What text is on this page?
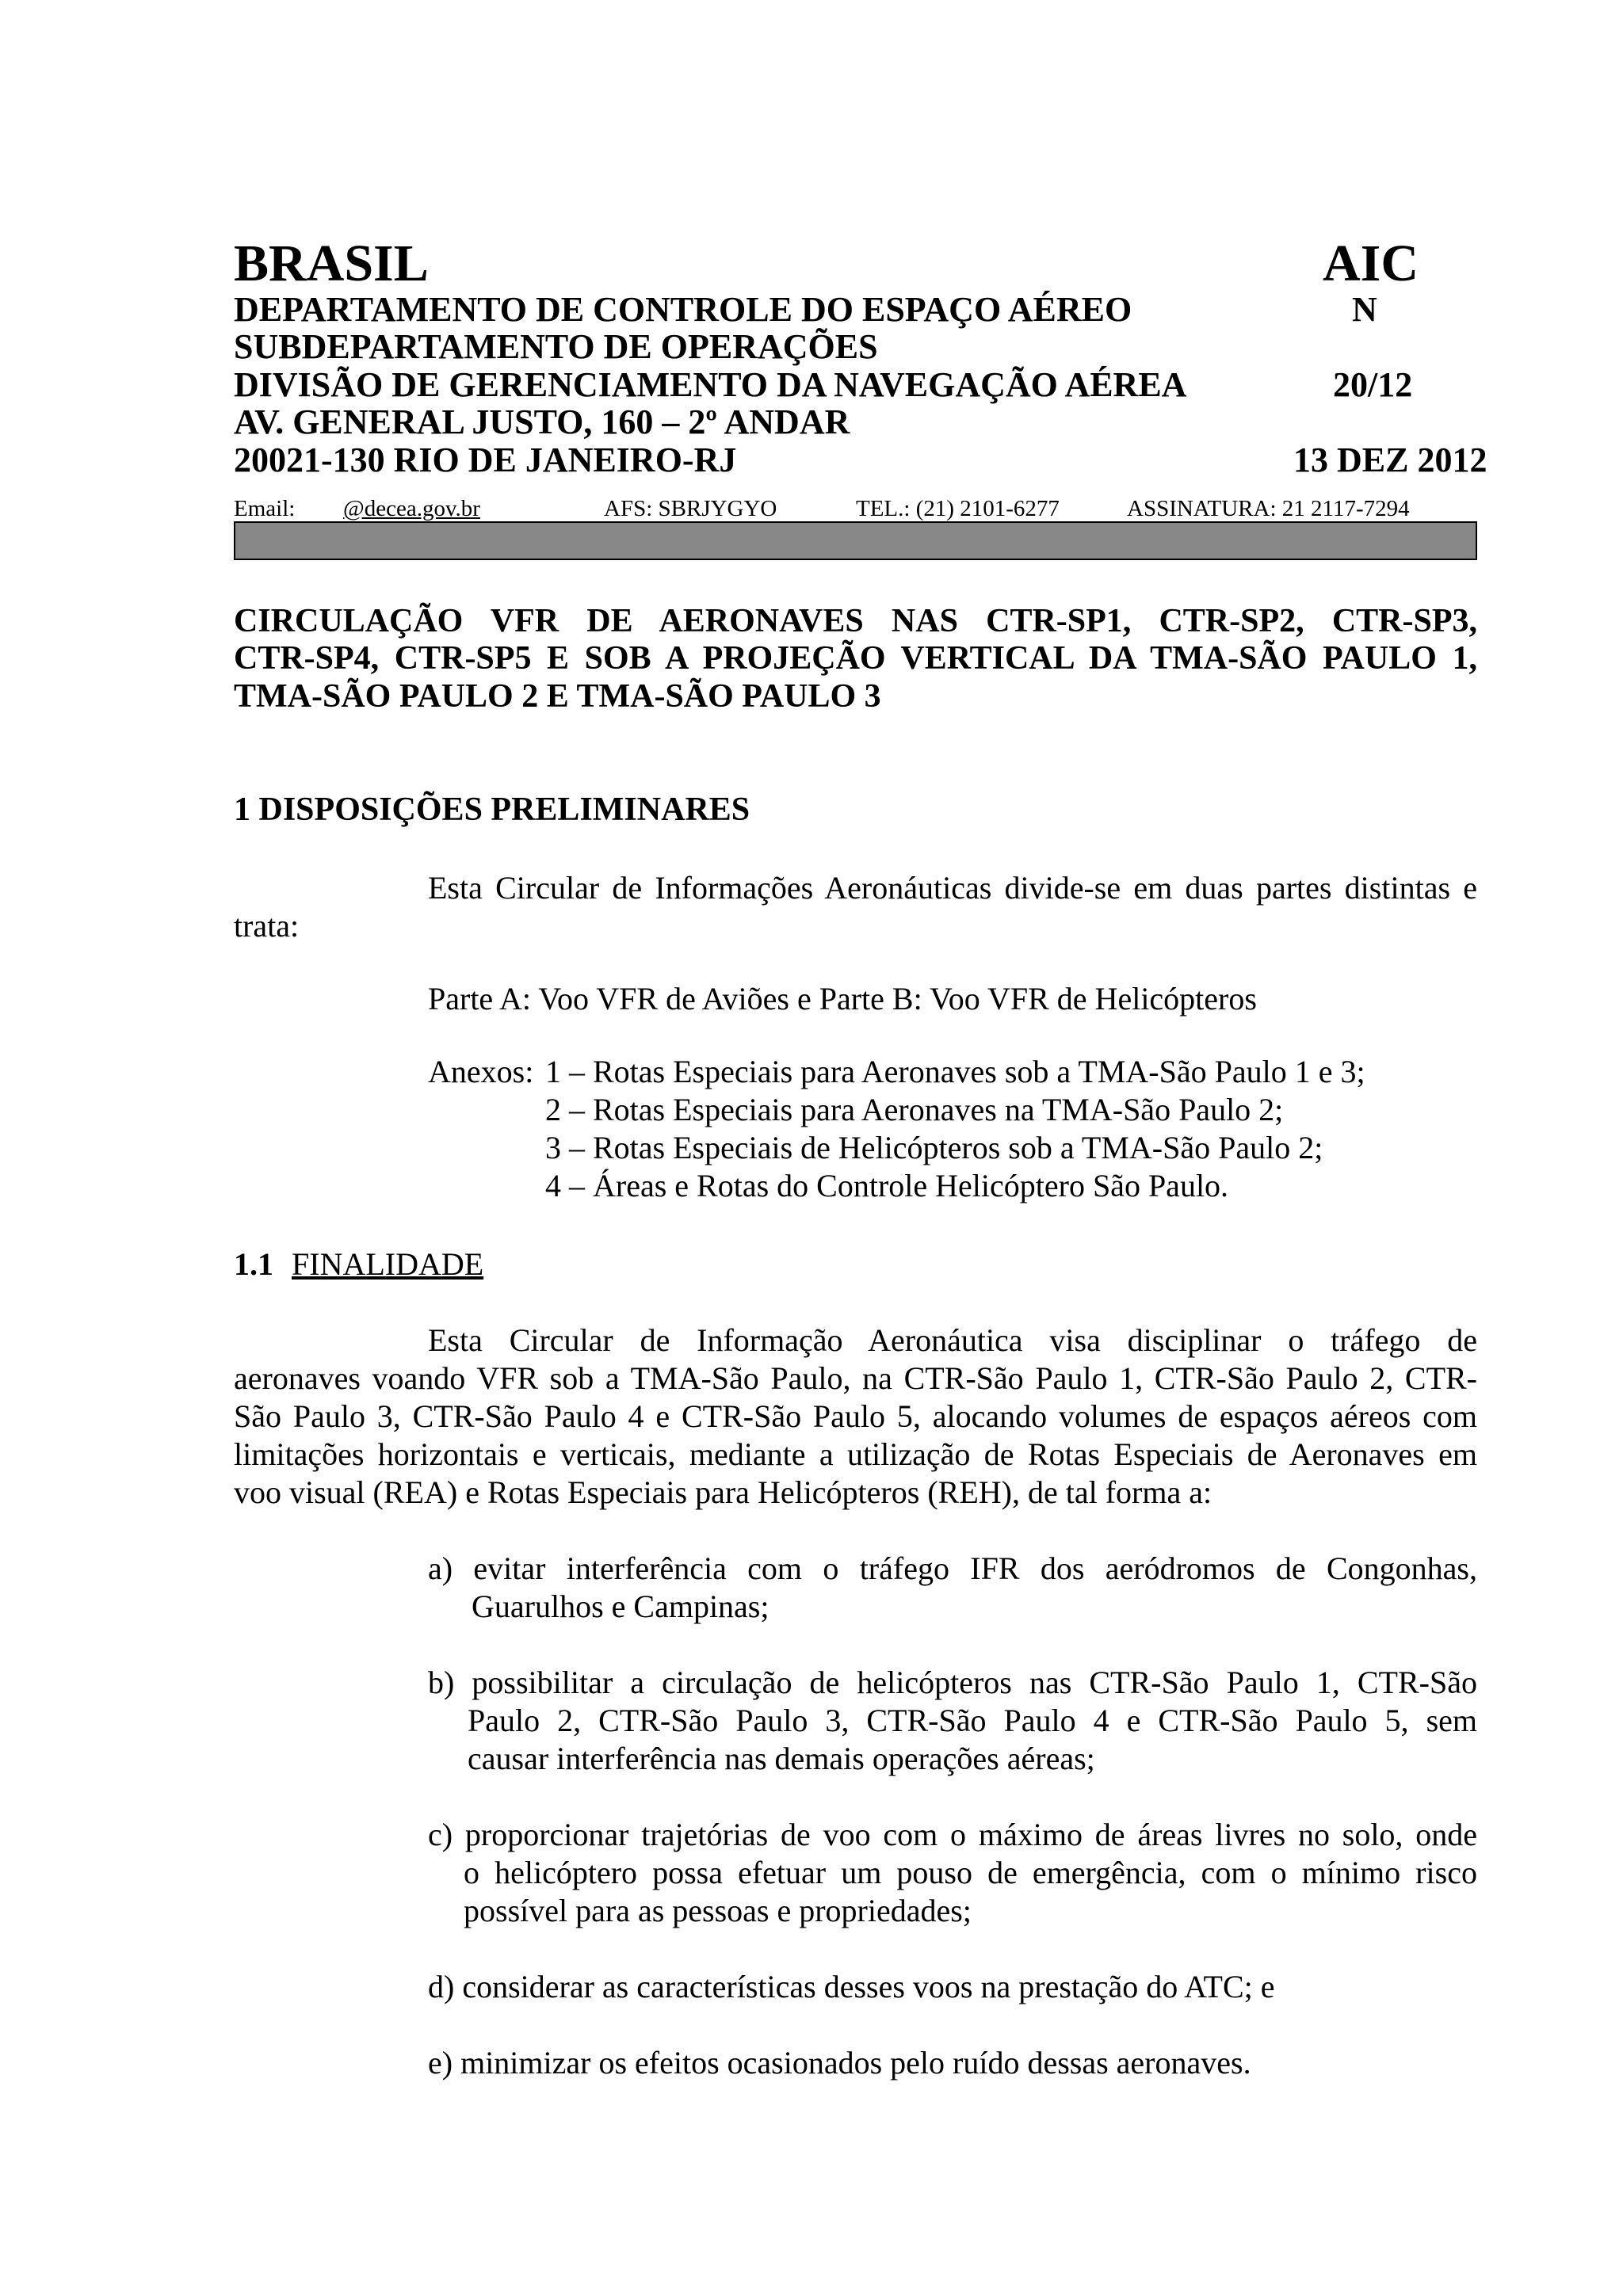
BRASIL	AIC
DEPARTAMENTO DE CONTROLE DO ESPAÇO AÉREO	N
SUBDEPARTAMENTO DE OPERAÇÕES
DIVISÃO DE GERENCIAMENTO DA NAVEGAÇÃO AÉREA	20/12
AV. GENERAL JUSTO, 160 – 2º ANDAR
20021-130 RIO DE JANEIRO-RJ	13 DEZ 2012
Email: @decea.gov.br	AFS: SBRJYGYO	TEL.: (21) 2101-6277	ASSINATURA: 21 2117-7294
CIRCULAÇÃO VFR DE AERONAVES NAS CTR-SP1, CTR-SP2, CTR-SP3,
CTR-SP4, CTR-SP5 E SOB A PROJEÇÃO VERTICAL DA TMA-SÃO PAULO 1,
TMA-SÃO PAULO 2 E TMA-SÃO PAULO 3
1 DISPOSIÇÕES PRELIMINARES
Esta Circular de Informações Aeronáuticas divide-se em duas partes distintas e
trata:
Parte A: Voo VFR de Aviões e Parte B: Voo VFR de Helicópteros
Anexos: 1 – Rotas Especiais para Aeronaves sob a TMA-São Paulo 1 e 3;
2 – Rotas Especiais para Aeronaves na TMA-São Paulo 2;
3 – Rotas Especiais de Helicópteros sob a TMA-São Paulo 2;
4 – Áreas e Rotas do Controle Helicóptero São Paulo.
1.1 FINALIDADE
Esta Circular de Informação Aeronáutica visa disciplinar o tráfego de
aeronaves voando VFR sob a TMA-São Paulo, na CTR-São Paulo 1, CTR-São Paulo 2, CTR-
São Paulo 3, CTR-São Paulo 4 e CTR-São Paulo 5, alocando volumes de espaços aéreos com
limitações horizontais e verticais, mediante a utilização de Rotas Especiais de Aeronaves em
voo visual (REA) e Rotas Especiais para Helicópteros (REH), de tal forma a:
a) evitar interferência com o tráfego IFR dos aeródromos de Congonhas,
Guarulhos e Campinas;
b) possibilitar a circulação de helicópteros nas CTR-São Paulo 1, CTR-São
Paulo 2, CTR-São Paulo 3, CTR-São Paulo 4 e CTR-São Paulo 5, sem
causar interferência nas demais operações aéreas;
c) proporcionar trajetórias de voo com o máximo de áreas livres no solo, onde
o helicóptero possa efetuar um pouso de emergência, com o mínimo risco
possível para as pessoas e propriedades;
d) considerar as características desses voos na prestação do ATC; e
e) minimizar os efeitos ocasionados pelo ruído dessas aeronaves.
